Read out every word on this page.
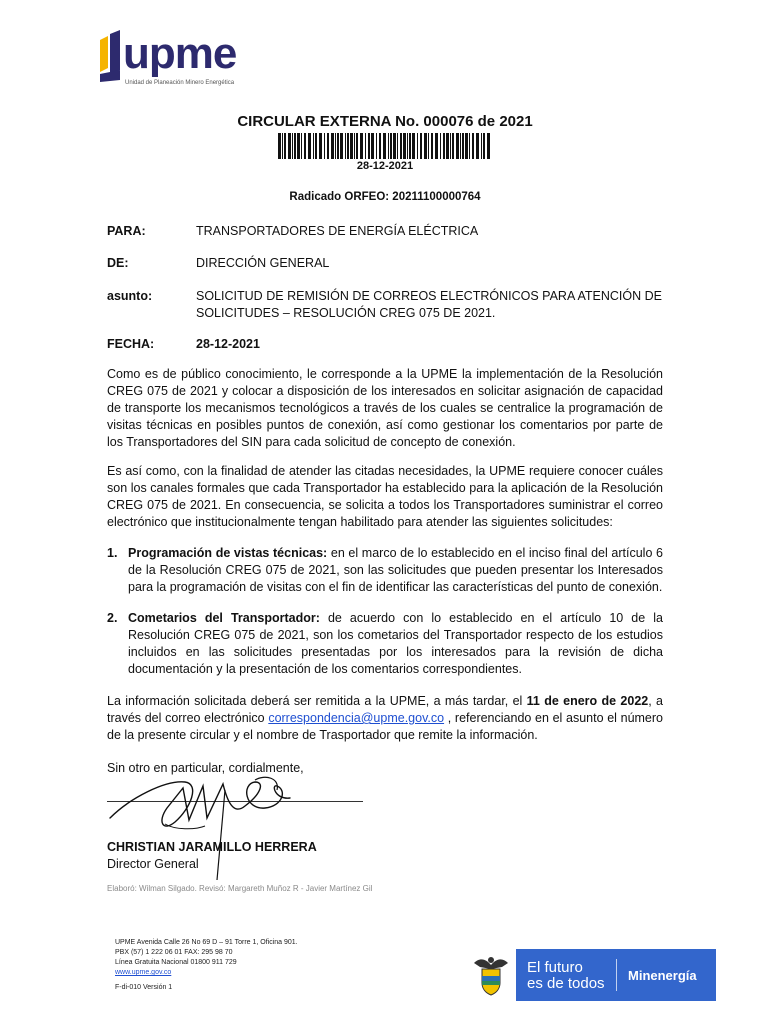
upme
Unidad de Planeación Minero Energética
CIRCULAR EXTERNA No. 000076 de 2021
28-12-2021
Radicado ORFEO: 20211100000764
PARA:	TRANSPORTADORES DE ENERGÍA ELÉCTRICA
DE:	DIRECCIÓN GENERAL
asunto:	SOLICITUD DE REMISIÓN DE CORREOS ELECTRÓNICOS PARA ATENCIÓN DE SOLICITUDES – RESOLUCIÓN CREG 075 DE 2021.
FECHA:	28-12-2021
Como es de público conocimiento, le corresponde a la UPME la implementación de la Resolución CREG 075 de 2021 y colocar a disposición de los interesados en solicitar asignación de capacidad de transporte los mecanismos tecnológicos a través de los cuales se centralice la programación de visitas técnicas en posibles puntos de conexión, así como gestionar los comentarios por parte de los Transportadores del SIN para cada solicitud de concepto de conexión.
Es así como, con la finalidad de atender las citadas necesidades, la UPME requiere conocer cuáles son los canales formales que cada Transportador ha establecido para la aplicación de la Resolución CREG 075 de 2021. En consecuencia, se solicita a todos los Transportadores suministrar el correo electrónico que institucionalmente tengan habilitado para atender las siguientes solicitudes:
1. Programación de vistas técnicas: en el marco de lo establecido en el inciso final del artículo 6 de la Resolución CREG 075 de 2021, son las solicitudes que pueden presentar los Interesados para la programación de visitas con el fin de identificar las características del punto de conexión.
2. Cometarios del Transportador: de acuerdo con lo establecido en el artículo 10 de la Resolución CREG 075 de 2021, son los cometarios del Transportador respecto de los estudios incluidos en las solicitudes presentadas por los interesados para la revisión de dicha documentación y la presentación de los comentarios correspondientes.
La información solicitada deberá ser remitida a la UPME, a más tardar, el 11 de enero de 2022, a través del correo electrónico correspondencia@upme.gov.co , referenciando en el asunto el número de la presente circular y el nombre de Trasportador que remite la información.
Sin otro en particular, cordialmente,
CHRISTIAN JARAMILLO HERRERA
Director General
Elaboró: Wilman Silgado. Revisó: Margareth Muñoz R - Javier Martínez Gil
UPME Avenida Calle 26 No 69 D – 91 Torre 1, Oficina 901.
PBX (57) 1 222 06 01 FAX: 295 98 70
Línea Gratuita Nacional 01800 911 729
www.upme.gov.co
F-di-010 Versión 1
El futuro
es de todos Minenergía
